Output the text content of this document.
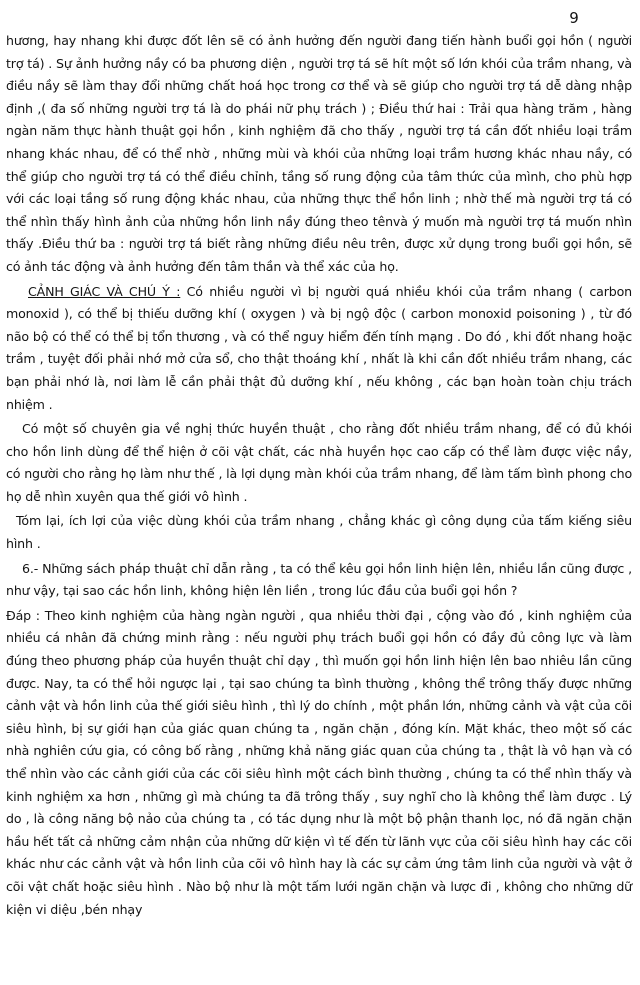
9

hương, hay nhang khi được đốt lên sẽ có ảnh hưởng đến người đang tiến hành buổi gọi hồn ( người trợ tá) . Sự ảnh hưởng nầy có ba phương diện , người trợ tá sẽ hít một số lớn khói của trầm nhang, và điều nầy sẽ làm thay đổi những chất hoá học trong cơ thể và sẽ giúp cho người trợ tá dễ dàng nhập định ,( đa số những người trợ tá là do phái nữ phụ trách ) ; Điều thứ hai : Trải qua hàng trăm , hàng ngàn năm thực hành thuật gọi hồn , kinh nghiệm đã cho thấy , người trợ tá cần đốt nhiều loại trầm nhang khác nhau, để có thể nhờ , những mùi và khói của những loại trầm hương khác nhau nầy, có thể giúp cho người trợ tá có thể điều chỉnh, tầng số rung động của tâm thức của mình, cho phù hợp với các loại tầng số rung động khác nhau, của những thực thể hồn linh ; nhờ thế mà người trợ tá có thể nhìn thấy hình ảnh của những hồn linh nầy đúng theo tênvà ý muốn mà người trợ tá muốn nhìn thấy .Điều thứ ba : người trợ tá biết rằng những điều nêu trên, được xử dụng trong buổi gọi hồn, sẽ có ảnh tác động và ảnh hưởng đến tâm thần và thể xác của họ.

CẢNH GIÁC VÀ CHÚ Ý : Có nhiều người vì bị người quá nhiều khói của trầm nhang ( carbon monoxid ), có thể bị thiếu dưỡng khí ( oxygen ) và bị ngộ độc ( carbon monoxid poisoning ) , từ đó não bộ có thể có thể bị tổn thương , và có thể nguy hiểm đến tính mạng . Do đó , khi đốt nhang hoặc trầm , tuyệt đối phải nhớ mở cửa sổ, cho thật thoáng khí , nhất là khi cần đốt nhiều trầm nhang, các bạn phải nhớ là, nơi làm lễ cần phải thật đủ dưỡng khí , nếu không , các bạn hoàn toàn chịu trách nhiệm .

Có một số chuyên gia về nghị thức huyền thuật , cho rằng đốt nhiều trầm nhang, để có đủ khói cho hồn linh dùng để thể hiện ở cõi vật chất, các nhà huyền học cao cấp có thể làm được việc nầy, có người cho rằng họ làm như thế , là lợi dụng màn khói của trầm nhang, để làm tấm bình phong cho họ dễ nhìn xuyên qua thế giới vô hình .

Tóm lại, ích lợi của việc dùng khói của trầm nhang , chẳng khác gì công dụng của tấm kiếng siêu hình .

6.- Những sách pháp thuật chỉ dẫn rằng , ta có thể kêu gọi hồn linh hiện lên, nhiều lần cũng được , như vậy, tại sao các hồn linh, không hiện lên liền , trong lúc đầu của buổi gọi hồn ?

Đáp : Theo kinh nghiệm của hàng ngàn người , qua nhiều thời đại , cộng vào đó , kinh nghiệm của nhiều cá nhân đã chứng minh rằng : nếu người phụ trách buổi gọi hồn có đầy đủ công lực và làm đúng theo phương pháp của huyền thuật chỉ dạy , thì muốn gọi hồn linh hiện lên bao nhiêu lần cũng được. Nay, ta có thể hỏi ngược lại , tại sao chúng ta bình thường , không thể trông thấy được những cảnh vật và hồn linh của thế giới siêu hình , thì lý do chính , một phần lớn, những cảnh và vật của cõi siêu hình, bị sự giới hạn của giác quan chúng ta , ngăn chặn , đóng kín. Mặt khác, theo một số các nhà nghiên cứu gia, có công bố rằng , những khả năng giác quan của chúng ta , thật là vô hạn và có thể nhìn vào các cảnh giới của các cõi siêu hình một cách bình thường , chúng ta có thể nhìn thấy và kinh nghiệm xa hơn , những gì mà chúng ta đã trông thấy , suy nghĩ cho là không thể làm được . Lý do , là công năng bộ nảo của chúng ta , có tác dụng như là một bộ phận thanh lọc, nó đã ngăn chặn hầu hết tất cả những cảm nhận của những dữ kiện vì tế đến từ lãnh vực của cõi siêu hình hay các cõi khác như các cảnh vật và hồn linh của cõi vô hình hay là các sự cảm ứng tâm linh của người và vật ở cõi vật chất hoặc siêu hình . Nào bộ như là một tấm lưới ngăn chặn và lược đi , không cho những dữ kiện vi diệu ,bén nhạy
